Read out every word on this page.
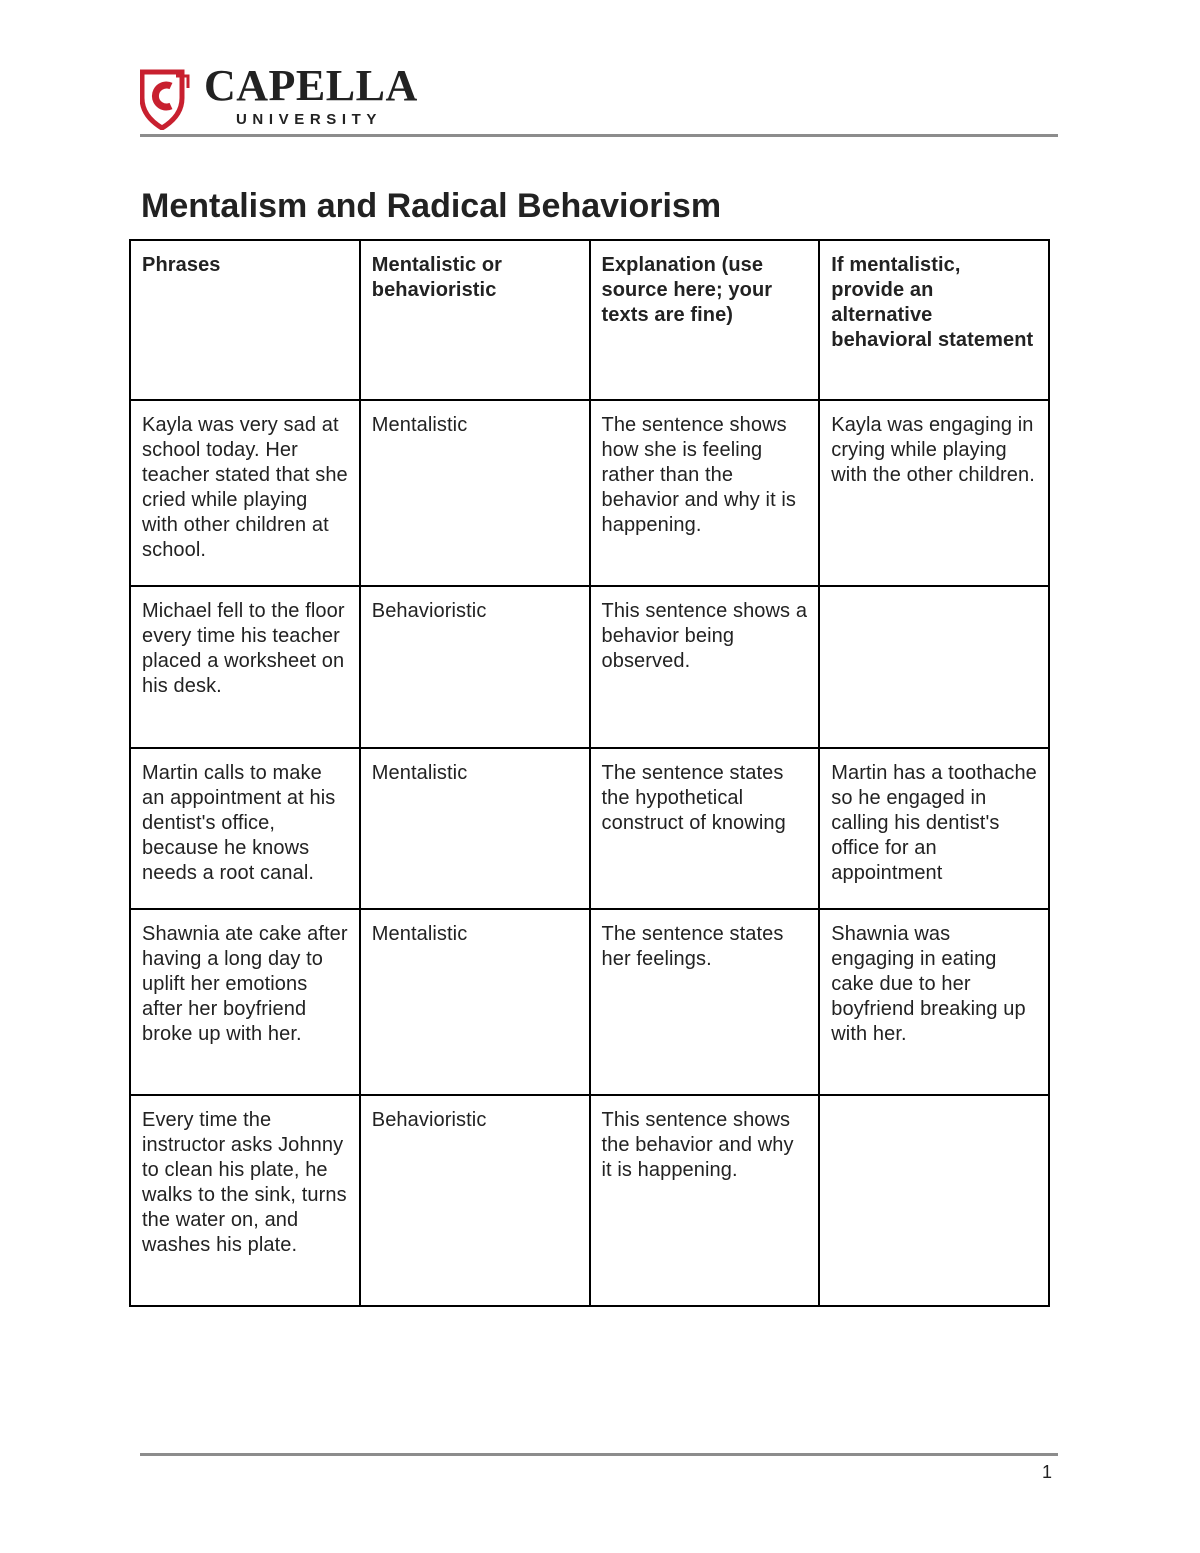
CAPELLA
UNIVERSITY
Mentalism and Radical Behaviorism
Phrases	Mentalistic or behavioristic	Explanation (use source here; your texts are fine)	If mentalistic, provide an alternative behavioral statement
Kayla was very sad at school today. Her teacher stated that she cried while playing with other children at school.	Mentalistic	The sentence shows how she is feeling rather than the behavior and why it is happening.	Kayla was engaging in crying while playing with the other children.
Michael fell to the floor every time his teacher placed a worksheet on his desk.	Behavioristic	This sentence shows a behavior being observed.	
Martin calls to make an appointment at his dentist's office, because he knows needs a root canal.	Mentalistic	The sentence states the hypothetical construct of knowing	Martin has a toothache so he engaged in calling his dentist's office for an appointment
Shawnia ate cake after having a long day to uplift her emotions after her boyfriend broke up with her.	Mentalistic	The sentence states her feelings.	Shawnia was engaging in eating cake due to her boyfriend breaking up with her.
Every time the instructor asks Johnny to clean his plate, he walks to the sink, turns the water on, and washes his plate.	Behavioristic	This sentence shows the behavior and why it is happening.	
1
